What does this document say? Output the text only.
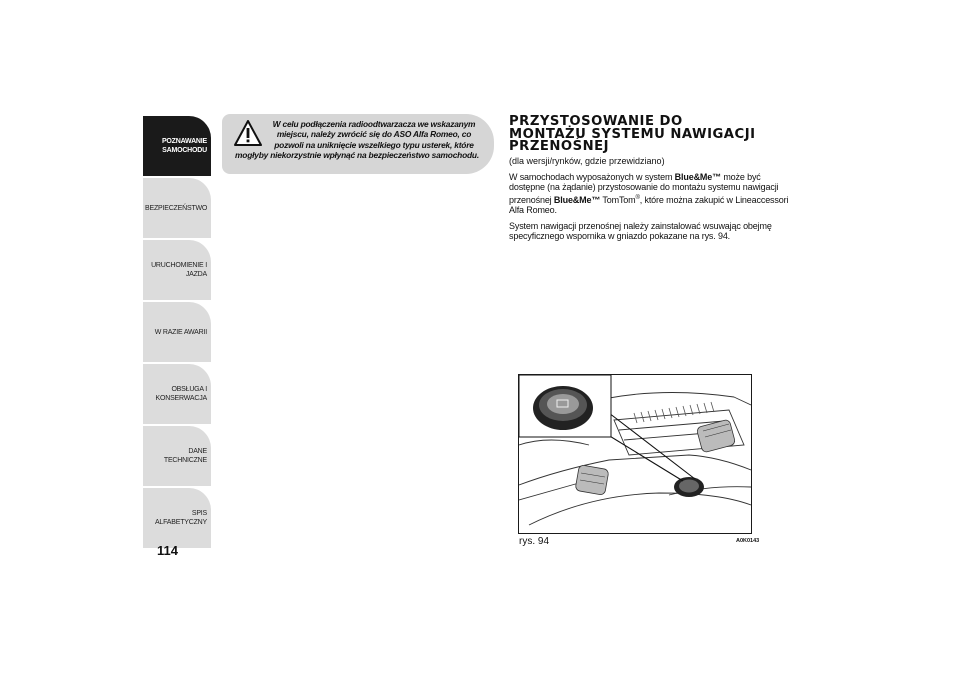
POZNAWANIE SAMOCHODU
BEZPIECZEŃSTWO
URUCHOMIENIE I JAZDA
W RAZIE AWARII
OBSŁUGA I KONSERWACJA
DANE TECHNICZNE
SPIS ALFABETYCZNY
114

W celu podłączenia radioodtwarzacza we wskazanym
miejscu, należy zwrócić się do ASO Alfa Romeo, co
pozwoli na uniknięcie wszelkiego typu usterek, które
mogłyby niekorzystnie wpłynąć na bezpieczeństwo samochodu.

PRZYSTOSOWANIE DO
MONTAŻU SYSTEMU NAWIGACJI
PRZENOŚNEJ

(dla wersji/rynków, gdzie przewidziano)

W samochodach wyposażonych w system Blue&Me™ może być dostępne (na żądanie) przystosowanie do montażu systemu nawigacji przenośnej Blue&Me™ TomTom®, które można zakupić w Lineaccessori Alfa Romeo.

System nawigacji przenośnej należy zainstalować wsuwając obejmę specyficznego wspornika w gniazdo pokazane na rys. 94.

rys. 94	A0K0143
